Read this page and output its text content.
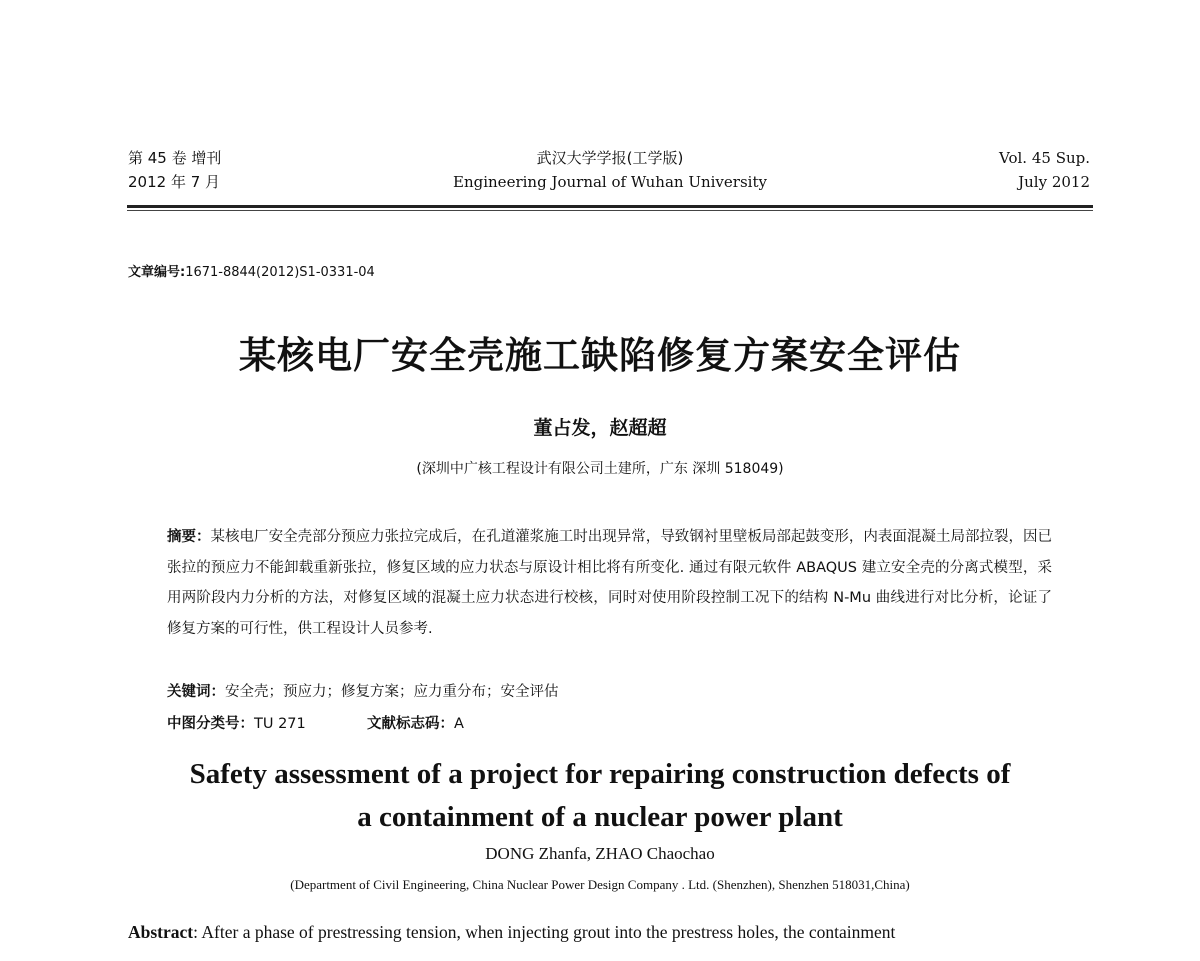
第 45 卷 增刊
2012 年 7 月
武汉大学学报(工学版)
Engineering Journal of Wuhan University
Vol. 45 Sup.
July 2012
文章编号:1671-8844(2012)S1-0331-04
某核电厂安全壳施工缺陷修复方案安全评估
董占发，赵超超
(深圳中广核工程设计有限公司土建所，广东 深圳 518049)
摘要：某核电厂安全壳部分预应力张拉完成后，在孔道灌浆施工时出现异常，导致钢衬里壁板局部起鼓变形，内表面混凝土局部拉裂，因已张拉的预应力不能卸载重新张拉，修复区域的应力状态与原设计相比将有所变化. 通过有限元软件 ABAQUS 建立安全壳的分离式模型，采用两阶段内力分析的方法，对修复区域的混凝土应力状态进行校核，同时对使用阶段控制工况下的结构 N-Mu 曲线进行对比分析，论证了修复方案的可行性，供工程设计人员参考.
关键词：安全壳；预应力；修复方案；应力重分布；安全评估
中图分类号：TU 271	文献标志码：A
Safety assessment of a project for repairing construction defects of
a containment of a nuclear power plant
DONG Zhanfa, ZHAO Chaochao
(Department of Civil Engineering, China Nuclear Power Design Company . Ltd. (Shenzhen), Shenzhen 518031,China)
Abstract: After a phase of prestressing tension, when injecting grout into the prestress holes, the containment
